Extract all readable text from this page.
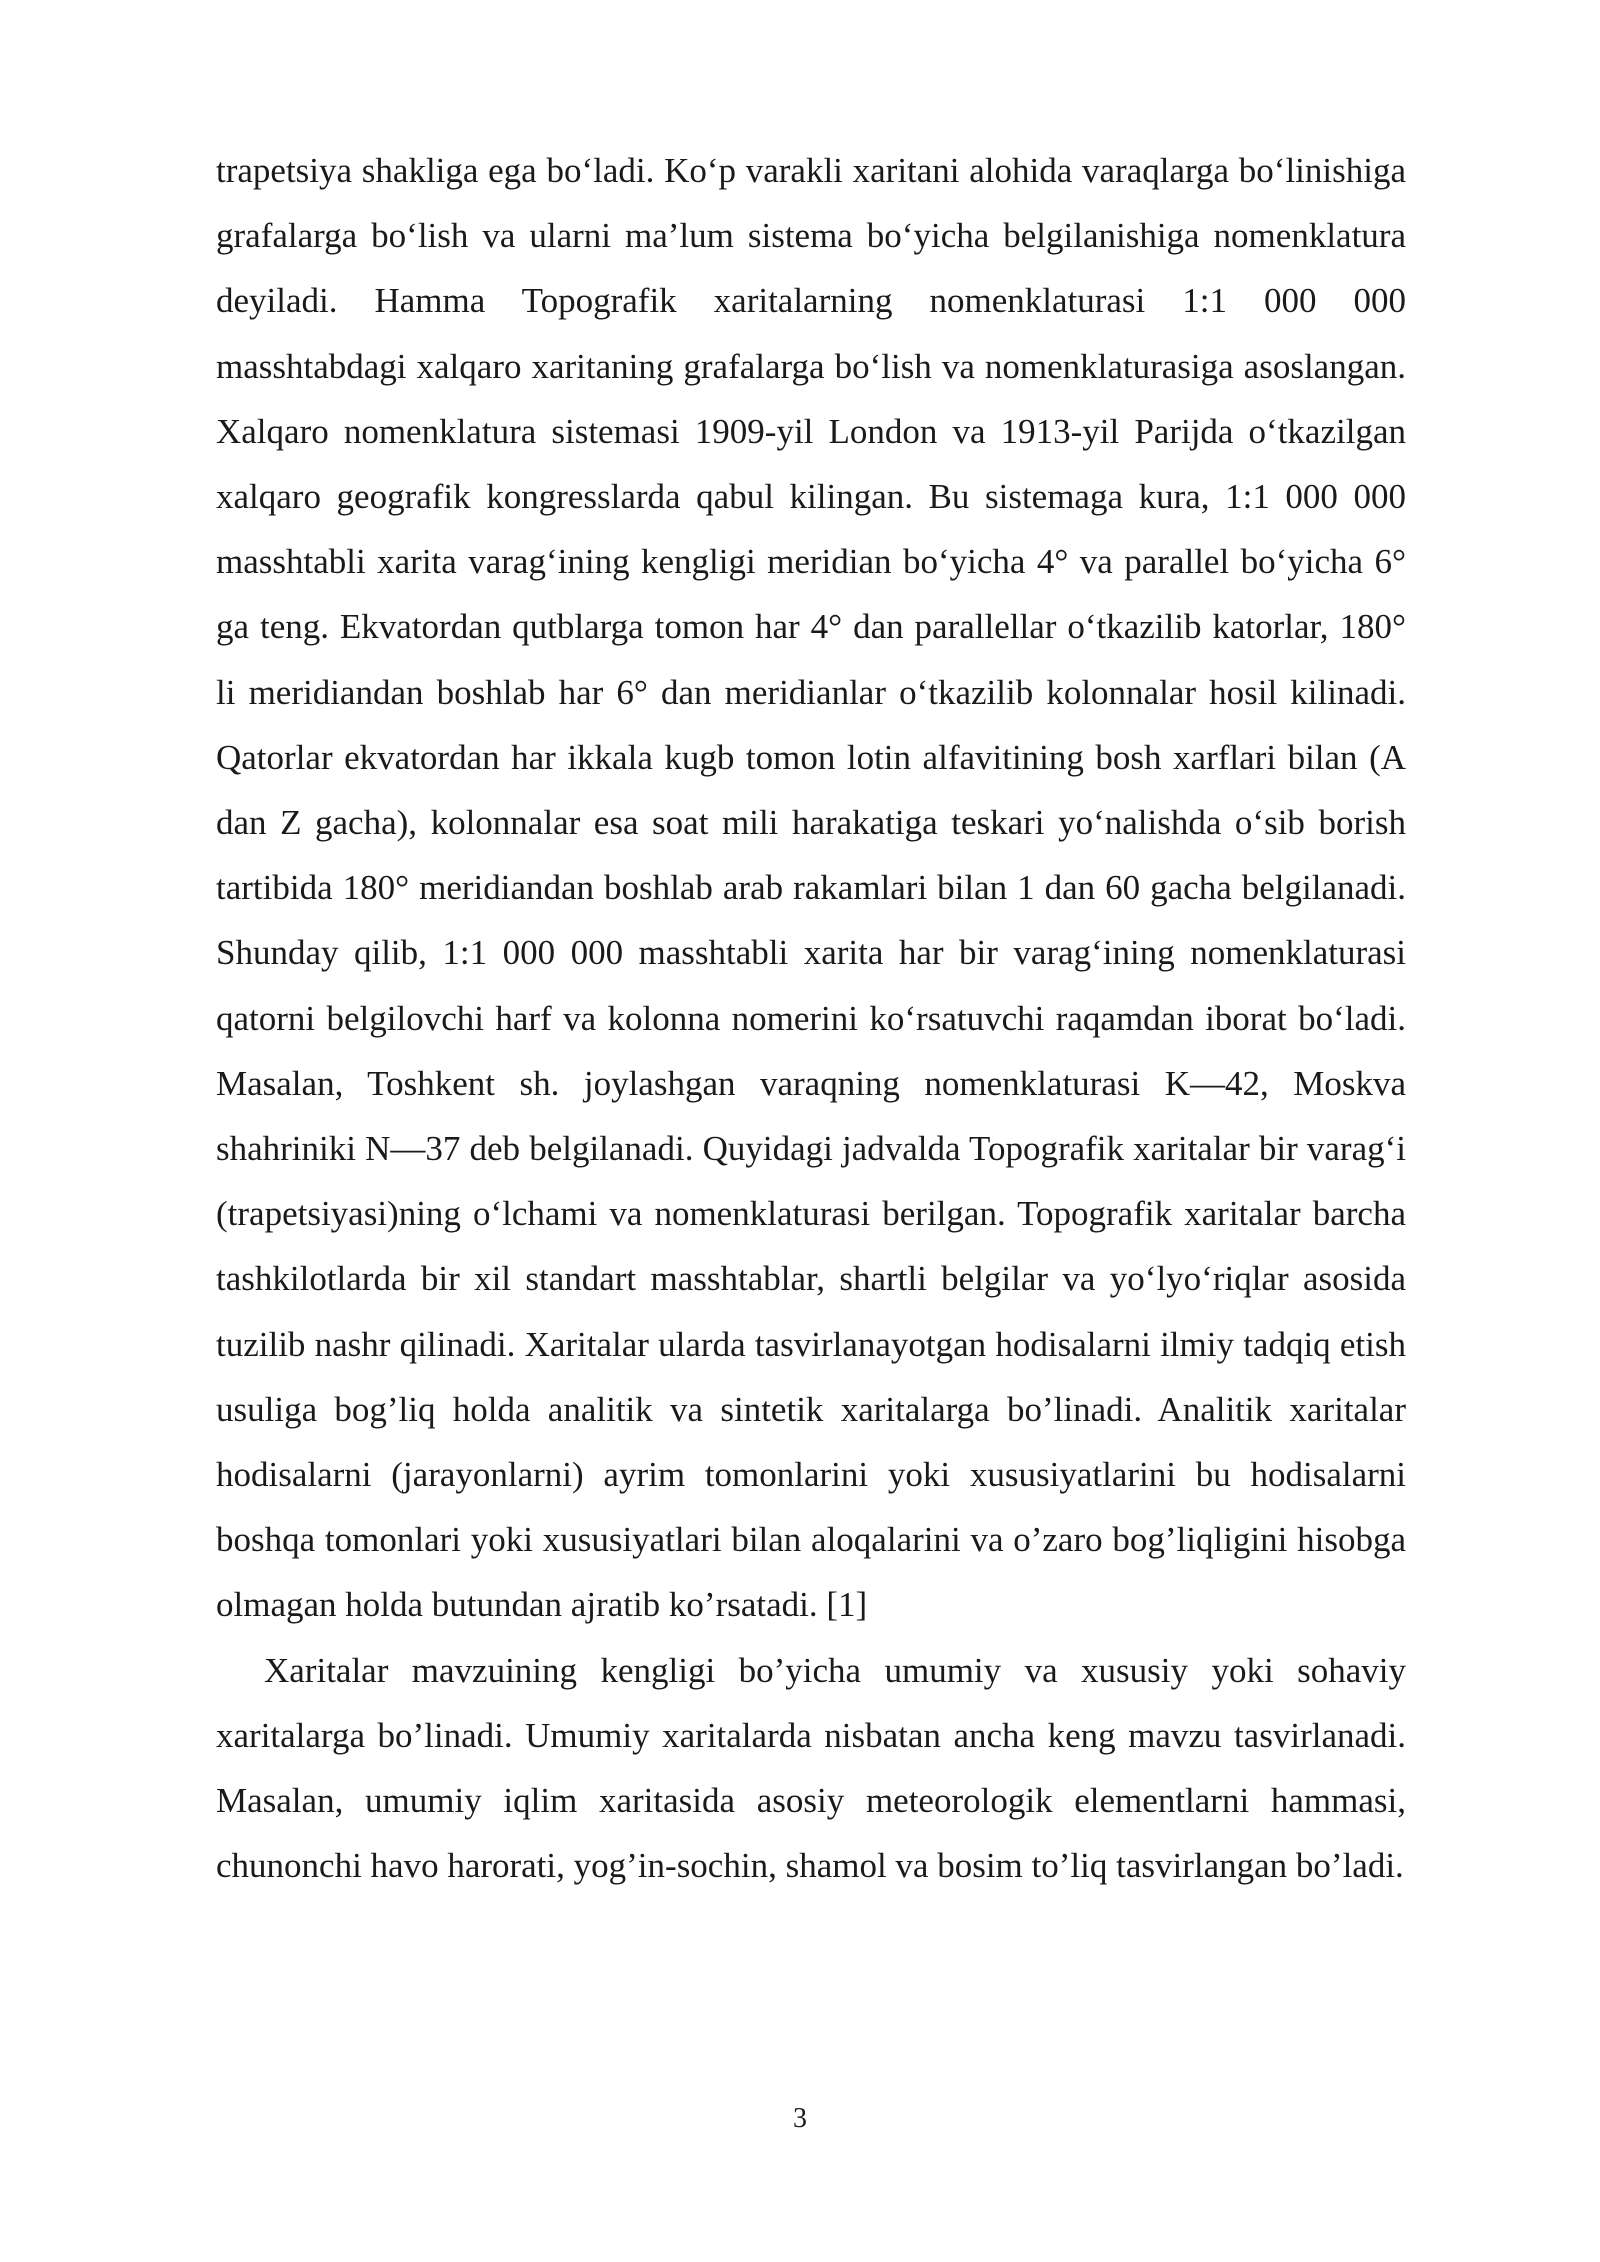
trapetsiya shakliga ega bo‘ladi. Ko‘p varakli xaritani alohida varaqlarga bo‘linishiga grafalarga bo‘lish va ularni ma’lum sistema bo‘yicha belgilanishiga nomenklatura deyiladi. Hamma Topografik xaritalarning nomenklaturasi 1:1 000 000 masshtabdagi xalqaro xaritaning grafalarga bo‘lish va nomenklaturasiga asoslangan. Xalqaro nomenklatura sistemasi 1909-yil London va 1913-yil Parijda o‘tkazilgan xalqaro geografik kongresslarda qabul kilingan. Bu sistemaga kura, 1:1 000 000 masshtabli xarita varag‘ining kengligi meridian bo‘yicha 4° va parallel bo‘yicha 6° ga teng. Ekvatordan qutblarga tomon har 4° dan parallellar o‘tkazilib katorlar, 180° li meridiandan boshlab har 6° dan meridianlar o‘tkazilib kolonnalar hosil kilinadi. Qatorlar ekvatordan har ikkala kugb tomon lotin alfavitining bosh xarflari bilan (A dan Z gacha), kolonnalar esa soat mili harakatiga teskari yo‘nalishda o‘sib borish tartibida 180° meridiandan boshlab arab rakamlari bilan 1 dan 60 gacha belgilanadi. Shunday qilib, 1:1 000 000 masshtabli xarita har bir varag‘ining nomenklaturasi qatorni belgilovchi harf va kolonna nomerini ko‘rsatuvchi raqamdan iborat bo‘ladi. Masalan, Toshkent sh. joylashgan varaqning nomenklaturasi K—42, Moskva shahriniki N—37 deb belgilanadi. Quyidagi jadvalda Topografik xaritalar bir varag‘i (trapetsiyasi)ning o‘lchami va nomenklaturasi berilgan. Topografik xaritalar barcha tashkilotlarda bir xil standart masshtablar, shartli belgilar va yo‘lyo‘riqlar asosida tuzilib nashr qilinadi. Xaritalar ularda tasvirlanayotgan hodisalarni ilmiy tadqiq etish usuliga bog’liq holda analitik va sintetik xaritalarga bo’linadi. Analitik xaritalar hodisalarni (jarayonlarni) ayrim tomonlarini yoki xususiyatlarini bu hodisalarni boshqa tomonlari yoki xususiyatlari bilan aloqalarini va o’zaro bog’liqligini hisobga olmagan holda butundan ajratib ko’rsatadi. [1]

Xaritalar mavzuining kengligi bo’yicha umumiy va xususiy yoki sohaviy xaritalarga bo’linadi. Umumiy xaritalarda nisbatan ancha keng mavzu tasvirlanadi. Masalan, umumiy iqlim xaritasida asosiy meteorologik elementlarni hammasi, chunonchi havo harorati, yog’in-sochin, shamol va bosim to’liq tasvirlangan bo’ladi.

3
